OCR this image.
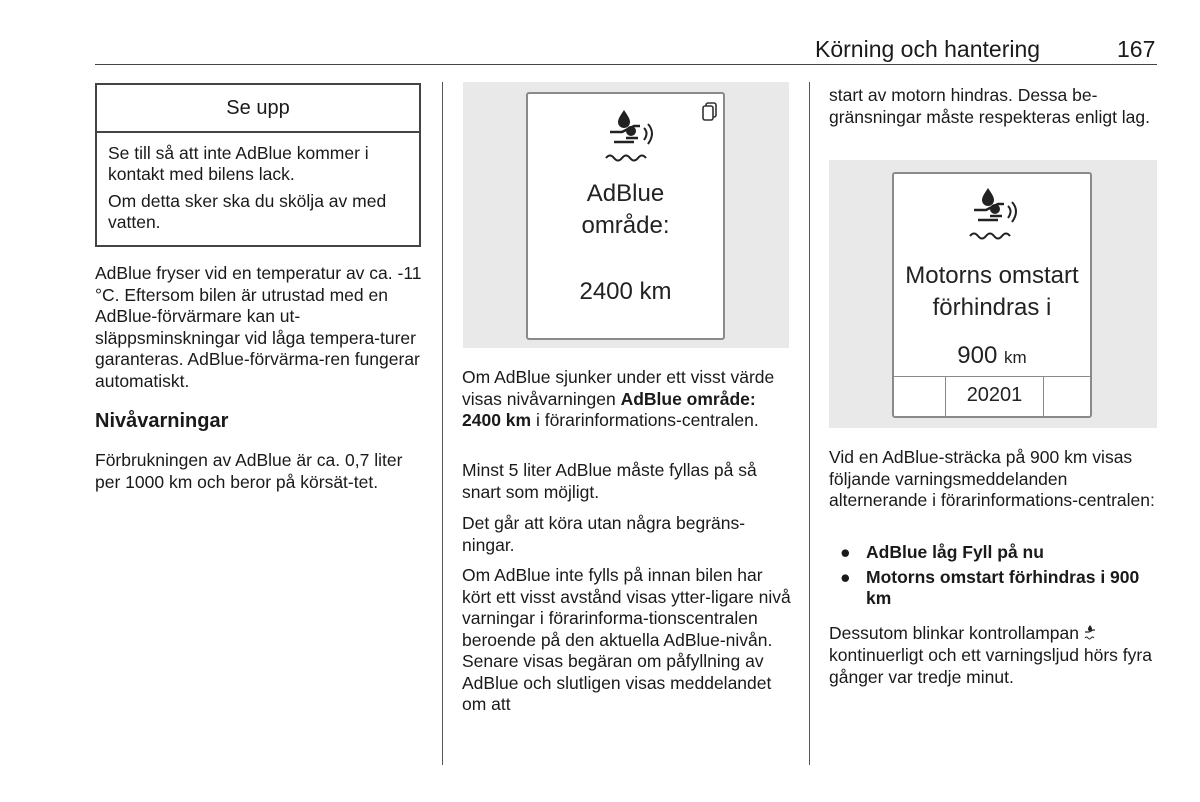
Körning och hantering	167
Se upp

Se till så att inte AdBlue kommer i kontakt med bilens lack.

Om detta sker ska du skölja av med vatten.

AdBlue fryser vid en temperatur av ca. -11 °C. Eftersom bilen är utrustad med en AdBlue-förvärmare kan ut-släppsminskningar vid låga tempera-turer garanteras. AdBlue-förvärma-ren fungerar automatiskt.

Nivåvarningar

Förbrukningen av AdBlue är ca. 0,7 liter per 1000 km och beror på körsät-tet.

AdBlue
område:
2400 km

Om AdBlue sjunker under ett visst värde visas nivåvarningen AdBlue område: 2400 km i förarinformations-centralen.

Minst 5 liter AdBlue måste fyllas på så snart som möjligt.

Det går att köra utan några begräns-ningar.

Om AdBlue inte fylls på innan bilen har kört ett visst avstånd visas ytter-ligare nivå varningar i förarinforma-tionscentralen beroende på den aktuella AdBlue-nivån. Senare visas begäran om påfyllning av AdBlue och slutligen visas meddelandet om att

start av motorn hindras. Dessa be-gränsningar måste respekteras enligt lag.

Motorns omstart
förhindras i
900 km
20201

Vid en AdBlue-sträcka på 900 km visas följande varningsmeddelanden alternerande i förarinformations-centralen:

● AdBlue låg Fyll på nu
● Motorns omstart förhindras i 900 km

Dessutom blinkar kontrollampan
kontinuerligt och ett varningsljud hörs fyra gånger var tredje minut.
